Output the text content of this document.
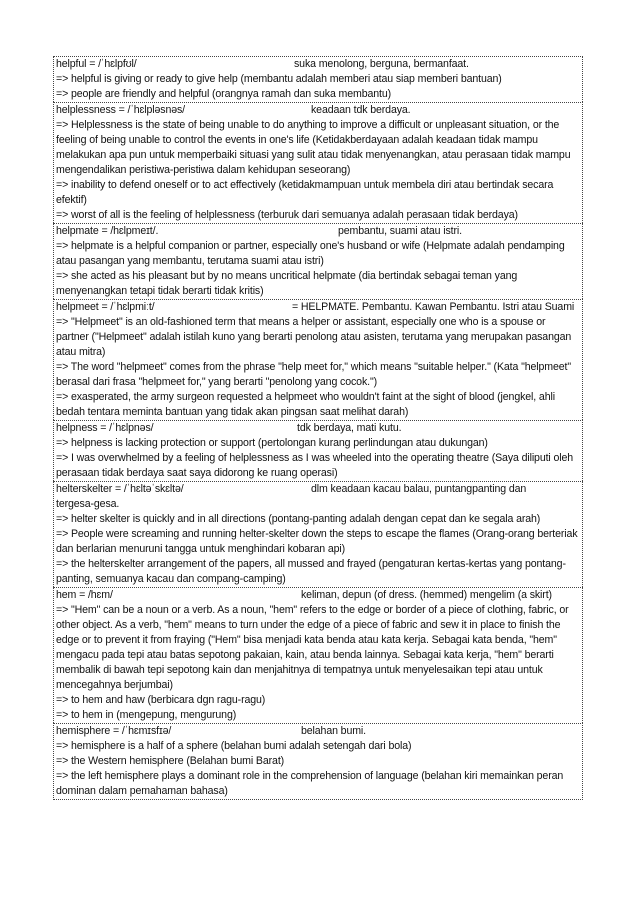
helpful = /ˈhɛlpfʊl/	suka menolong, berguna, bermanfaat.
=> helpful is giving or ready to give help (membantu adalah memberi atau siap memberi bantuan)
=> people are friendly and helpful (orangnya ramah dan suka membantu)
helplessness = /ˈhɛlpləsnəs/	keadaan tdk berdaya.
=> Helplessness is the state of being unable to do anything to improve a difficult or unpleasant situation, or the feeling of being unable to control the events in one's life (Ketidakberdayaan adalah keadaan tidak mampu melakukan apa pun untuk memperbaiki situasi yang sulit atau tidak menyenangkan, atau perasaan tidak mampu mengendalikan peristiwa-peristiwa dalam kehidupan seseorang)
=> inability to defend oneself or to act effectively (ketidakmampuan untuk membela diri atau bertindak secara efektif)
=> worst of all is the feeling of helplessness (terburuk dari semuanya adalah perasaan tidak berdaya)
helpmate = /hɛlpmeɪt/.	pembantu, suami atau istri.
=> helpmate is a helpful companion or partner, especially one's husband or wife (Helpmate adalah pendamping atau pasangan yang membantu, terutama suami atau istri)
=> she acted as his pleasant but by no means uncritical helpmate (dia bertindak sebagai teman yang menyenangkan tetapi tidak berarti tidak kritis)
helpmeet = /ˈhɛlpmiːt/	= HELPMATE. Pembantu. Kawan Pembantu. Istri atau Suami
=> "Helpmeet" is an old-fashioned term that means a helper or assistant, especially one who is a spouse or partner ("Helpmeet" adalah istilah kuno yang berarti penolong atau asisten, terutama yang merupakan pasangan atau mitra)
=> The word "helpmeet" comes from the phrase "help meet for," which means "suitable helper." (Kata "helpmeet" berasal dari frasa "helpmeet for," yang berarti "penolong yang cocok.")
=> exasperated, the army surgeon requested a helpmeet who wouldn't faint at the sight of blood (jengkel, ahli bedah tentara meminta bantuan yang tidak akan pingsan saat melihat darah)
helpness = /ˈhɛlpnəs/	tdk berdaya, mati kutu.
=> helpness is lacking protection or support (pertolongan kurang perlindungan atau dukungan)
=> I was overwhelmed by a feeling of helplessness as I was wheeled into the operating theatre (Saya diliputi oleh perasaan tidak berdaya saat saya didorong ke ruang operasi)
helterskelter = /ˈhɛltəˈskɛltə/	dlm keadaan kacau balau, puntangpanting dan
tergesa-gesa.
=> helter skelter is quickly and in all directions (pontang-panting adalah dengan cepat dan ke segala arah)
=> People were screaming and running helter-skelter down the steps to escape the flames (Orang-orang berteriak dan berlarian menuruni tangga untuk menghindari kobaran api)
=> the helterskelter arrangement of the papers, all mussed and frayed (pengaturan kertas-kertas yang pontang-panting, semuanya kacau dan compang-camping)
hem = /hɛm/	keliman, depun (of dress. (hemmed) mengelim (a skirt)
=> "Hem" can be a noun or a verb. As a noun, "hem" refers to the edge or border of a piece of clothing, fabric, or other object. As a verb, "hem" means to turn under the edge of a piece of fabric and sew it in place to finish the edge or to prevent it from fraying ("Hem" bisa menjadi kata benda atau kata kerja. Sebagai kata benda, "hem" mengacu pada tepi atau batas sepotong pakaian, kain, atau benda lainnya. Sebagai kata kerja, "hem" berarti membalik di bawah tepi sepotong kain dan menjahitnya di tempatnya untuk menyelesaikan tepi atau untuk mencegahnya berjumbai)
=> to hem and haw (berbicara dgn ragu-ragu)
=> to hem in (mengepung, mengurung)
hemisphere = /ˈhɛmɪsfɪə/	belahan bumi.
=> hemisphere is a half of a sphere (belahan bumi adalah setengah dari bola)
=> the Western hemisphere (Belahan bumi Barat)
=> the left hemisphere plays a dominant role in the comprehension of language (belahan kiri memainkan peran dominan dalam pemahaman bahasa)
